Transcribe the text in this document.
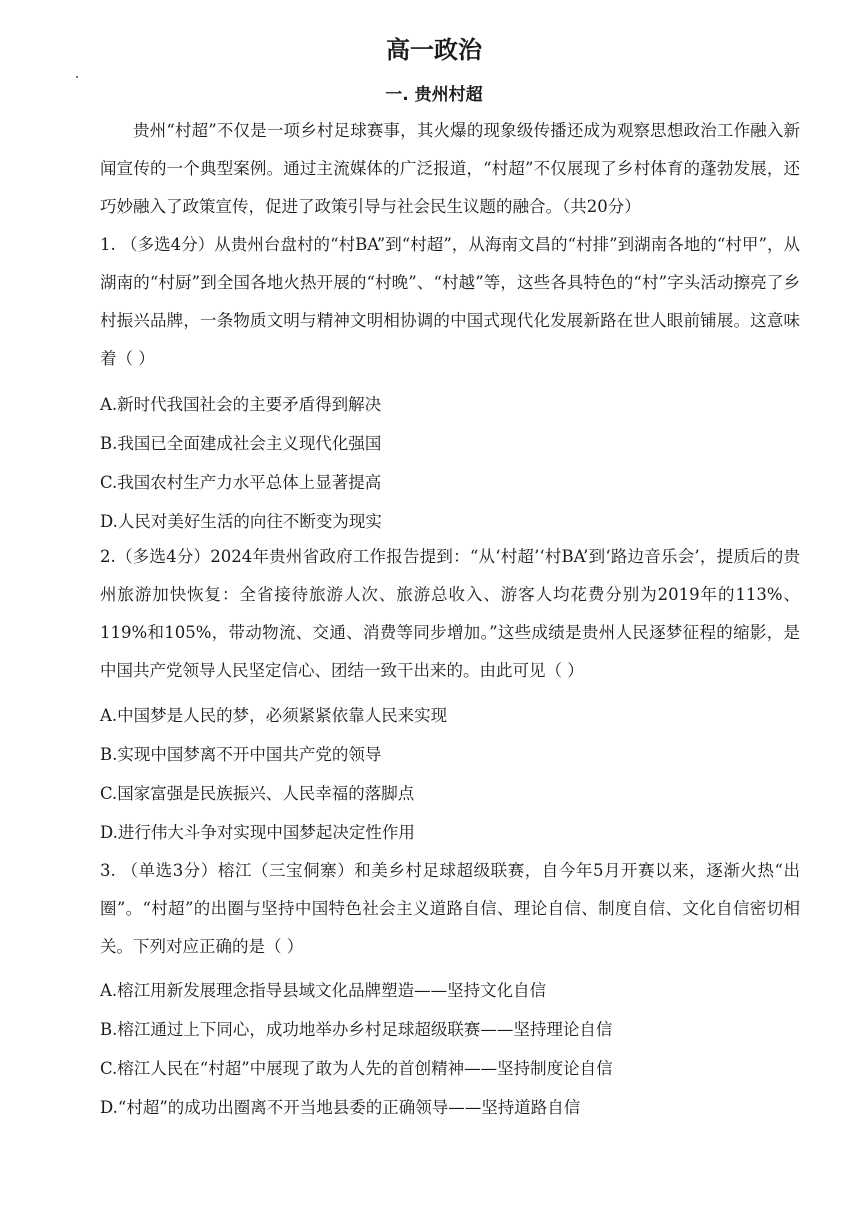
高一政治
一. 贵州村超
贵州“村超”不仅是一项乡村足球赛事，其火爆的现象级传播还成为观察思想政治工作融入新闻宣传的一个典型案例。通过主流媒体的广泛报道，“村超”不仅展现了乡村体育的蓬勃发展，还巧妙融入了政策宣传，促进了政策引导与社会民生议题的融合。（共20分）
1. （多选4分）从贵州台盘村的“村BA”到“村超”，从海南文昌的“村排”到湖南各地的“村甲”，从湖南的“村厨”到全国各地火热开展的“村晚”、“村越”等，这些各具特色的“村”字头活动擦亮了乡村振兴品牌，一条物质文明与精神文明相协调的中国式现代化发展新路在世人眼前铺展。这意味着（ ）
A.新时代我国社会的主要矛盾得到解决
B.我国已全面建成社会主义现代化强国
C.我国农村生产力水平总体上显著提高
D.人民对美好生活的向往不断变为现实
2.（多选4分）2024年贵州省政府工作报告提到：“从‘村超’‘村BA’到‘路边音乐会’，提质后的贵州旅游加快恢复：全省接待旅游人次、旅游总收入、游客人均花费分别为2019年的113%、119%和105%，带动物流、交通、消费等同步增加。”这些成绩是贵州人民逐梦征程的缩影，是中国共产党领导人民坚定信心、团结一致干出来的。由此可见（ ）
A.中国梦是人民的梦，必须紧紧依靠人民来实现
B.实现中国梦离不开中国共产党的领导
C.国家富强是民族振兴、人民幸福的落脚点
D.进行伟大斗争对实现中国梦起决定性作用
3. （单选3分）榕江（三宝侗寨）和美乡村足球超级联赛，自今年5月开赛以来，逐渐火热“出圈”。“村超”的出圈与坚持中国特色社会主义道路自信、理论自信、制度自信、文化自信密切相关。下列对应正确的是（ ）
A.榕江用新发展理念指导县域文化品牌塑造——坚持文化自信
B.榕江通过上下同心，成功地举办乡村足球超级联赛——坚持理论自信
C.榕江人民在“村超”中展现了敢为人先的首创精神——坚持制度论自信
D.“村超”的成功出圈离不开当地县委的正确领导——坚持道路自信
